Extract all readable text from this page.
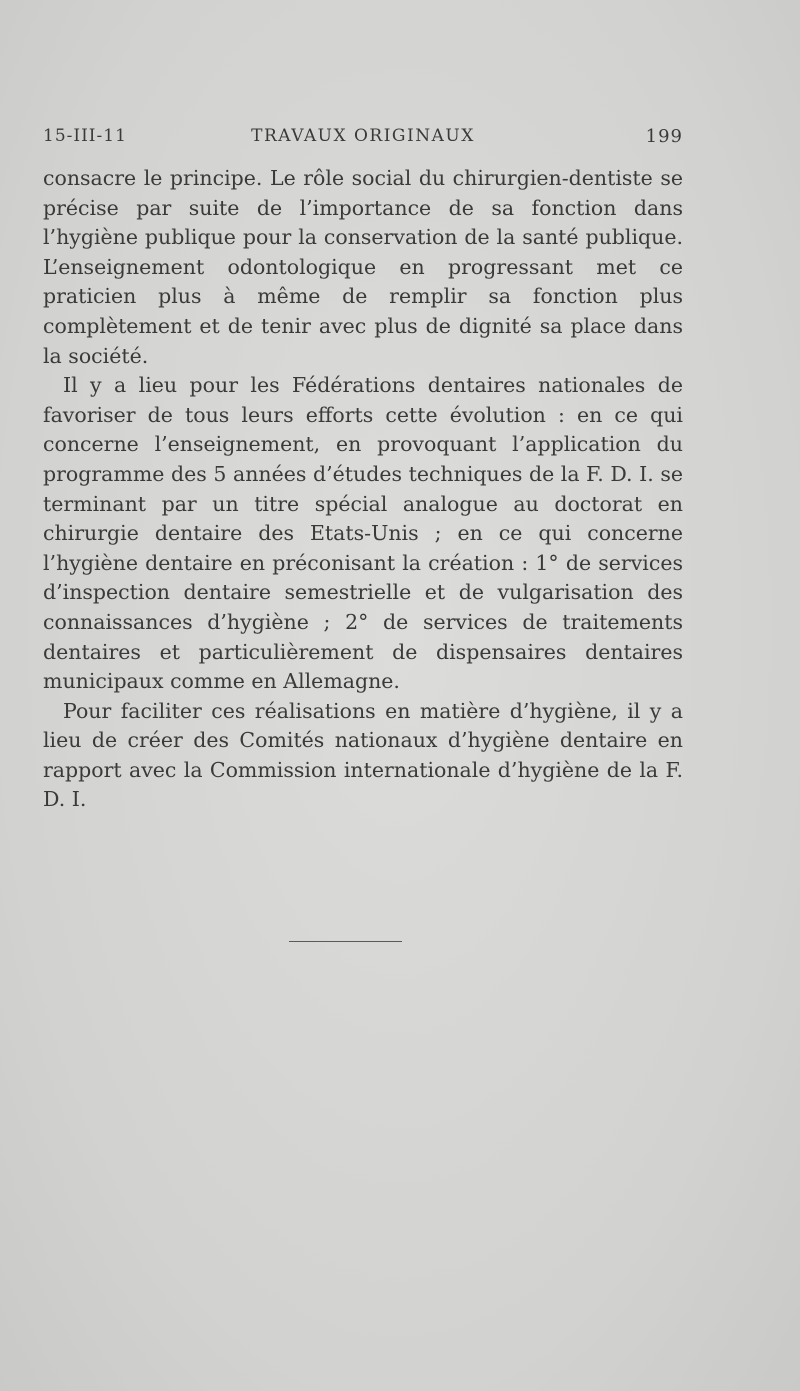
15-III-11	TRAVAUX ORIGINAUX	199

consacre le principe. Le rôle social du chirurgien-dentiste se précise par suite de l’importance de sa fonction dans l’hygiène publique pour la conservation de la santé publique. L’enseignement odontologique en progressant met ce praticien plus à même de remplir sa fonction plus complètement et de tenir avec plus de dignité sa place dans la société.

Il y a lieu pour les Fédérations dentaires nationales de favoriser de tous leurs efforts cette évolution : en ce qui concerne l’enseignement, en provoquant l’application du programme des 5 années d’études techniques de la F. D. I. se terminant par un titre spécial analogue au doctorat en chirurgie dentaire des Etats-Unis ; en ce qui concerne l’hygiène dentaire en préconisant la création : 1° de services d’inspection dentaire semestrielle et de vulgarisation des connaissances d’hygiène ; 2° de services de traitements dentaires et particulièrement de dispensaires dentaires municipaux comme en Allemagne.

Pour faciliter ces réalisations en matière d’hygiène, il y a lieu de créer des Comités nationaux d’hygiène dentaire en rapport avec la Commission internationale d’hygiène de la F. D. I.
